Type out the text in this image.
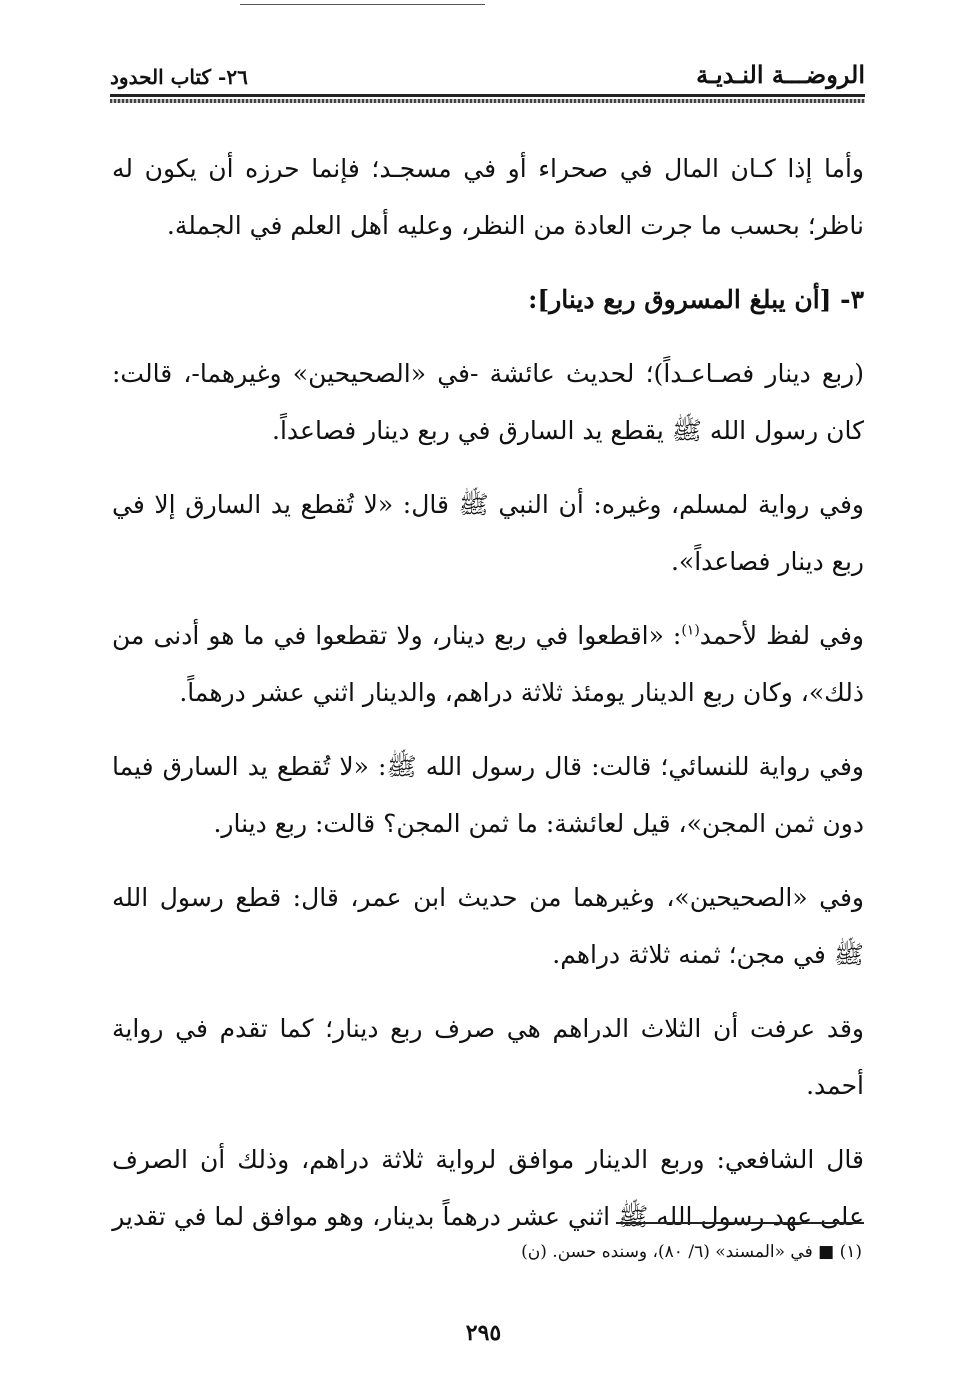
الروضـــة النـديـة
٢٦- كتاب الحدود

وأما إذا كـان المال في صحراء أو في مسجـد؛ فإنما حرزه أن يكون له ناظر؛ بحسب ما جرت العادة من النظر، وعليه أهل العلم في الجملة.

٣- [أن يبلغ المسروق ربع دينار]:

(ربع دينار فصـاعـداً)؛ لحديث عائشة -في «الصحيحين» وغيرهما-، قالت: كان رسول الله ﷺ يقطع يد السارق في ربع دينار فصاعداً.

وفي رواية لمسلم، وغيره: أن النبي ﷺ قال: «لا تُقطع يد السارق إلا في ربع دينار فصاعداً».

وفي لفظ لأحمد$^{(١)}$: «اقطعوا في ربع دينار، ولا تقطعوا في ما هو أدنى من ذلك»، وكان ربع الدينار يومئذ ثلاثة دراهم، والدينار اثني عشر درهماً.

وفي رواية للنسائي؛ قالت: قال رسول الله ﷺ: «لا تُقطع يد السارق فيما دون ثمن المجن»، قيل لعائشة: ما ثمن المجن؟ قالت: ربع دينار.

وفي «الصحيحين»، وغيرهما من حديث ابن عمر، قال: قطع رسول الله ﷺ في مجن؛ ثمنه ثلاثة دراهم.

وقد عرفت أن الثلاث الدراهم هي صرف ربع دينار؛ كما تقدم في رواية أحمد.

قال الشافعي: وربع الدينار موافق لرواية ثلاثة دراهم، وذلك أن الصرف على عهد رسول الله ﷺ اثني عشر درهماً بدينار، وهو موافق لما في تقدير

(١) ■ في «المسند» (٦/ ٨٠)، وسنده حسن. (ن)
٢٩٥
